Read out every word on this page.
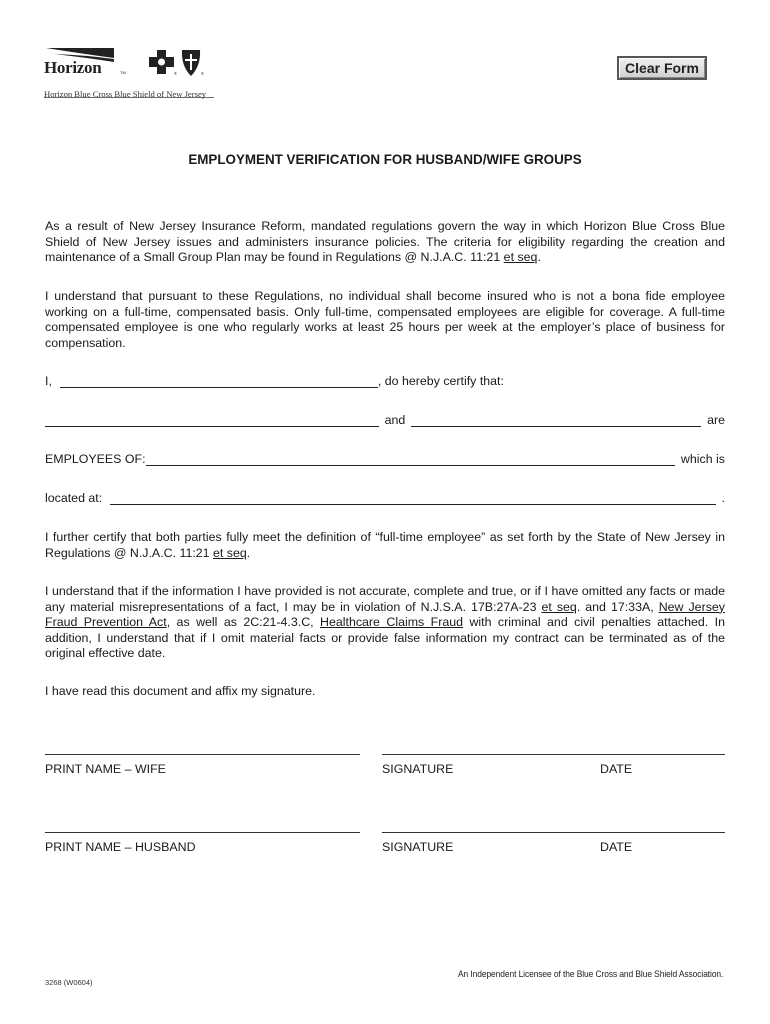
®	®
Horizon	TM
Horizon Blue Cross Blue Shield of New Jersey
Clear Form
EMPLOYMENT VERIFICATION FOR HUSBAND/WIFE GROUPS
As a result of New Jersey Insurance Reform, mandated regulations govern the way in which Horizon Blue Cross Blue Shield of New Jersey issues and administers insurance policies. The criteria for eligibility regarding the creation and maintenance of a Small Group Plan may be found in Regulations @ N.J.A.C. 11:21 et seq.
I understand that pursuant to these Regulations, no individual shall become insured who is not a bona fide employee working on a full-time, compensated basis. Only full-time, compensated employees are eligible for coverage. A full-time compensated employee is one who regularly works at least 25 hours per week at the employer’s place of business for compensation.
I,	, do hereby certify that:
and	are
EMPLOYEES OF:	which is
located at:	.
I further certify that both parties fully meet the definition of “full-time employee” as set forth by the State of New Jersey in Regulations @ N.J.A.C. 11:21 et seq.
I understand that if the information I have provided is not accurate, complete and true, or if I have omitted any facts or made any material misrepresentations of a fact, I may be in violation of N.J.S.A. 17B:27A-23 et seq. and 17:33A, New Jersey Fraud Prevention Act, as well as 2C:21-4.3.C, Healthcare Claims Fraud with criminal and civil penalties attached. In addition, I understand that if I omit material facts or provide false information my contract can be terminated as of the original effective date.
I have read this document and affix my signature.
PRINT NAME – WIFE	SIGNATURE	DATE
PRINT NAME – HUSBAND	SIGNATURE	DATE
3268 (W0604)
An Independent Licensee of the Blue Cross and Blue Shield Association.
